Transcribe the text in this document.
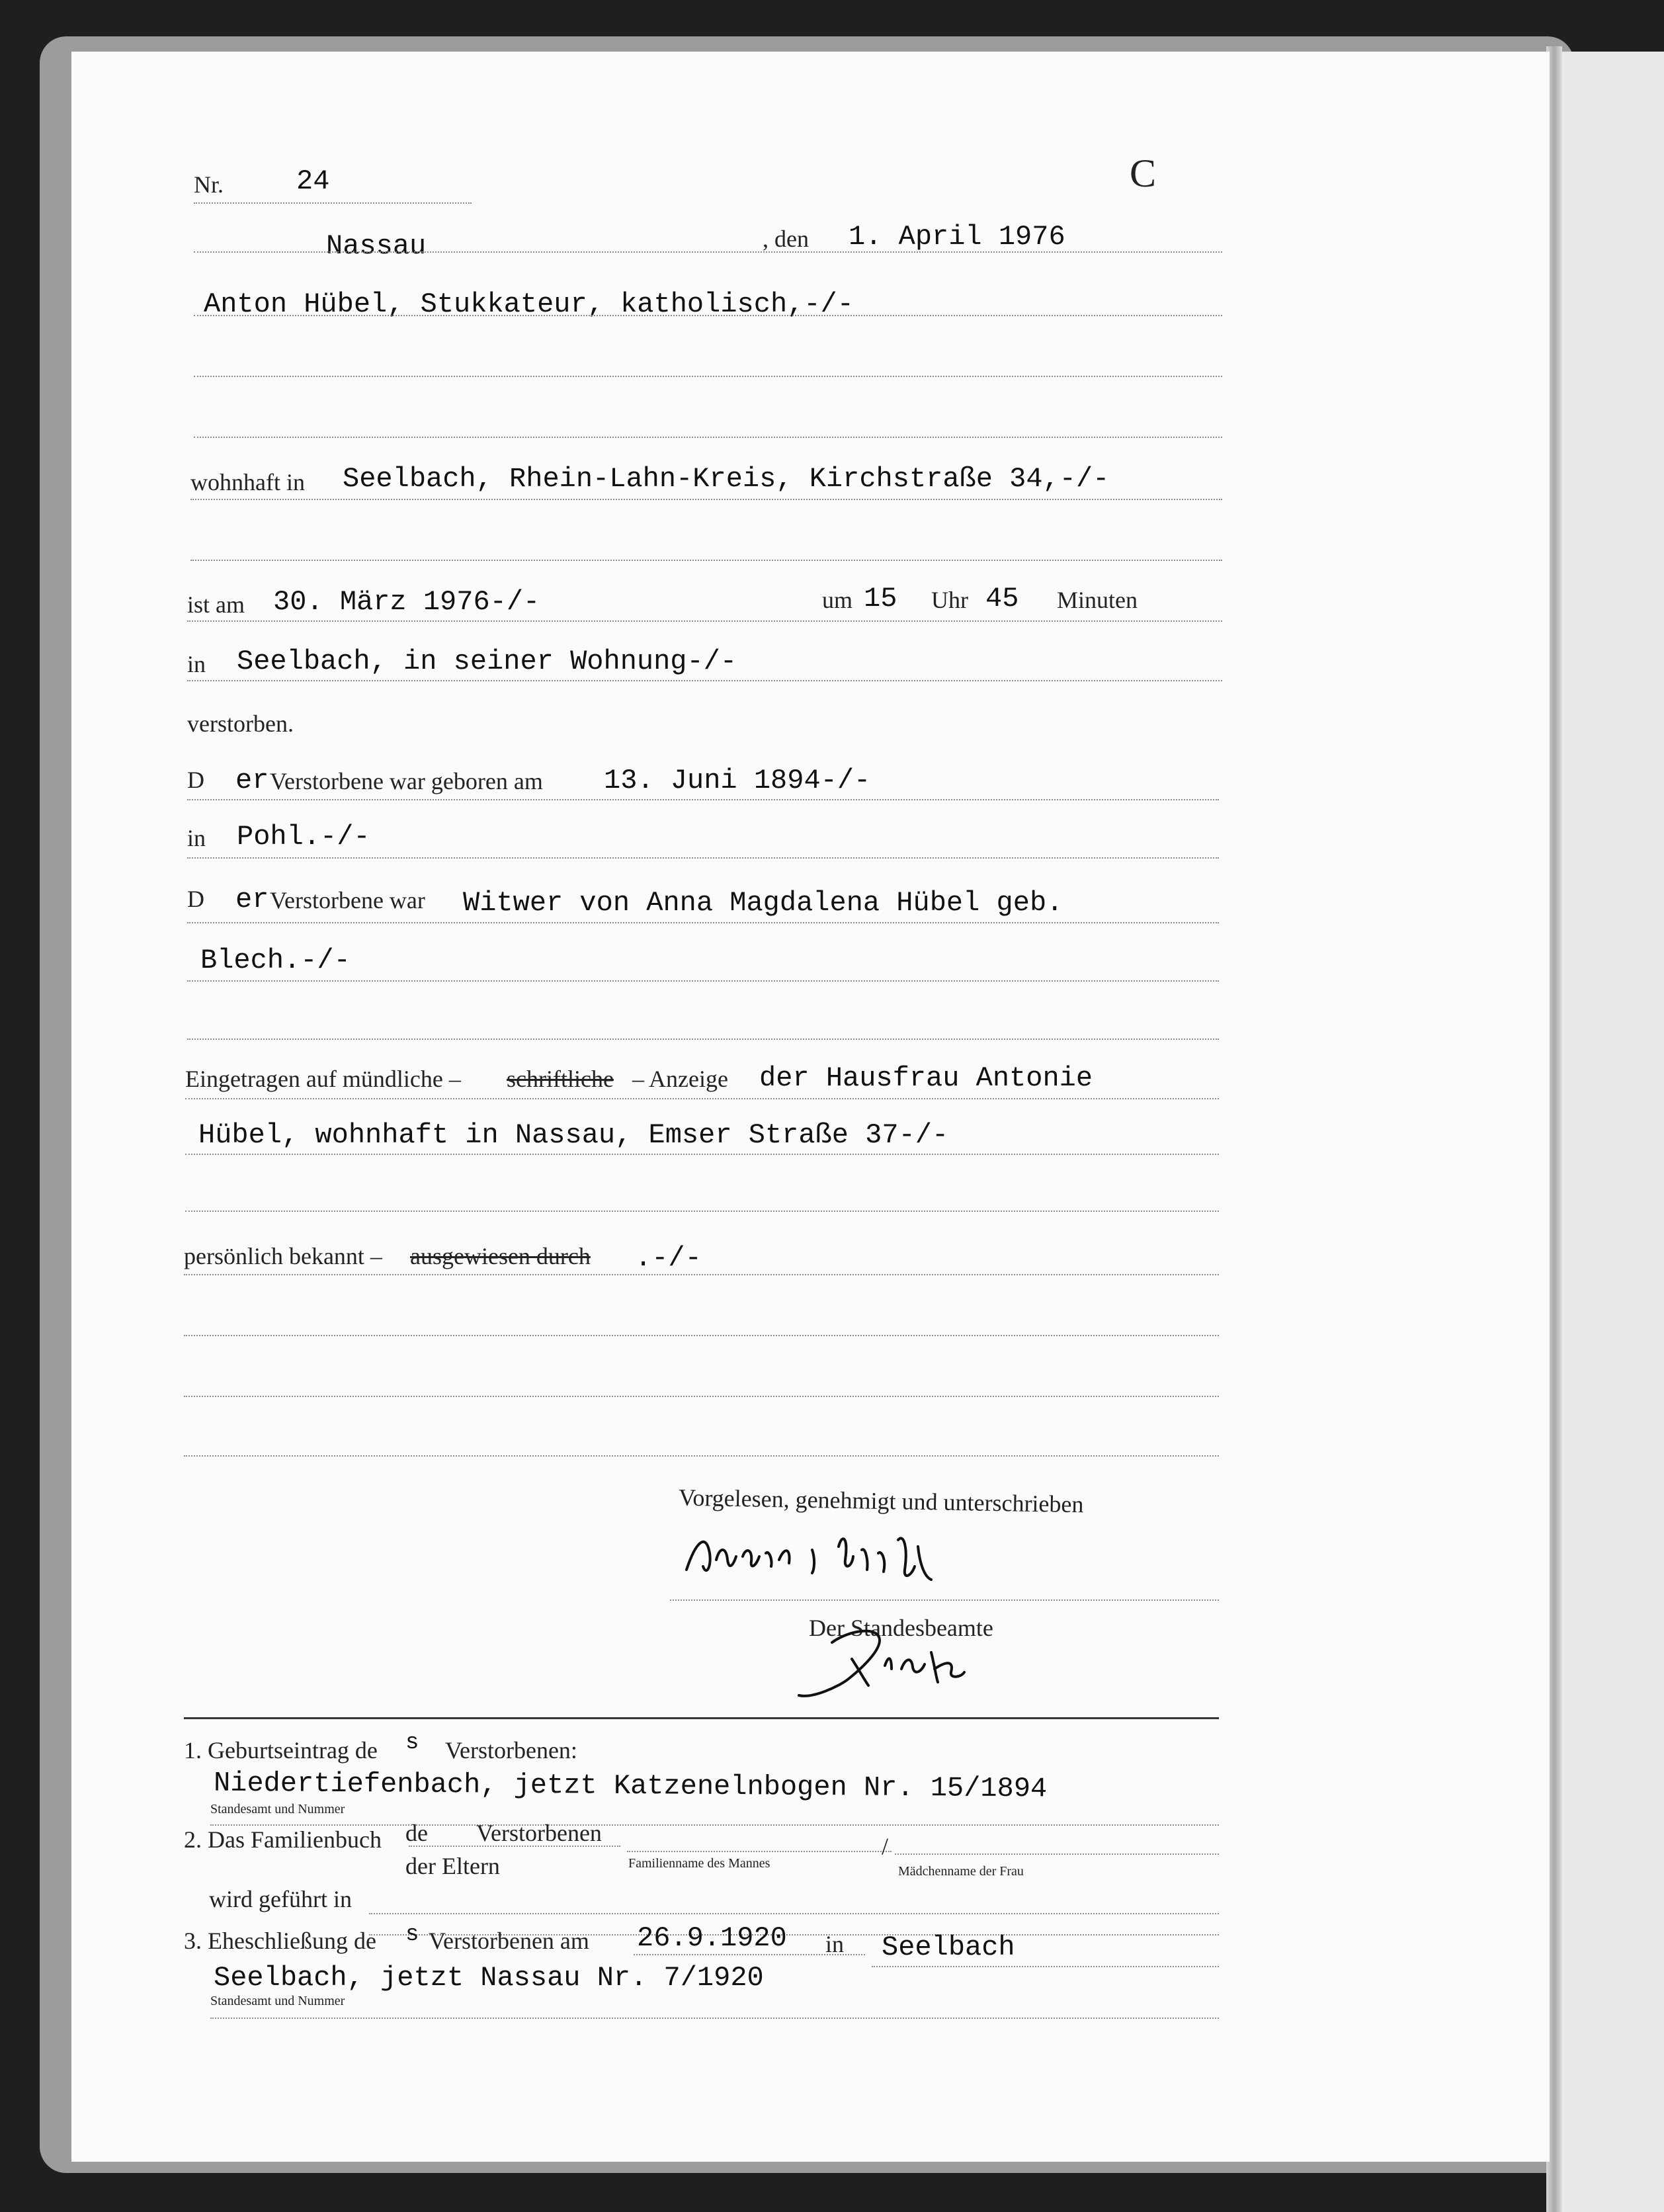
Nr.	24	C
Nassau	, den 1. April 1976
Anton Hübel, Stukkateur, katholisch,-/-
wohnhaft in Seelbach, Rhein-Lahn-Kreis, Kirchstraße 34,-/-
ist am 30. März 1976-/-	um 15 Uhr 45 Minuten
in Seelbach, in seiner Wohnung-/-
verstorben.
D er Verstorbene war geboren am 13. Juni 1894-/-
in Pohl.-/-
D er Verstorbene war Witwer von Anna Magdalena Hübel geb.
Blech.-/-
Eingetragen auf mündliche – schriftliche – Anzeige der Hausfrau Antonie
Hübel, wohnhaft in Nassau, Emser Straße 37-/-
persönlich bekannt – ausgewiesen durch .-/-
Vorgelesen, genehmigt und unterschrieben
Der Standesbeamte
1. Geburtseintrag de s Verstorbenen:
Niedertiefenbach, jetzt Katzenelnbogen Nr. 15/1894
Standesamt und Nummer
2. Das Familienbuch de Verstorbenen
der Eltern	Familienname des Mannes
/
Mädchenname der Frau
wird geführt in
3. Eheschließung de s Verstorbenen am 26.9.1920 in Seelbach
Seelbach, jetzt Nassau Nr. 7/1920
Standesamt und Nummer
